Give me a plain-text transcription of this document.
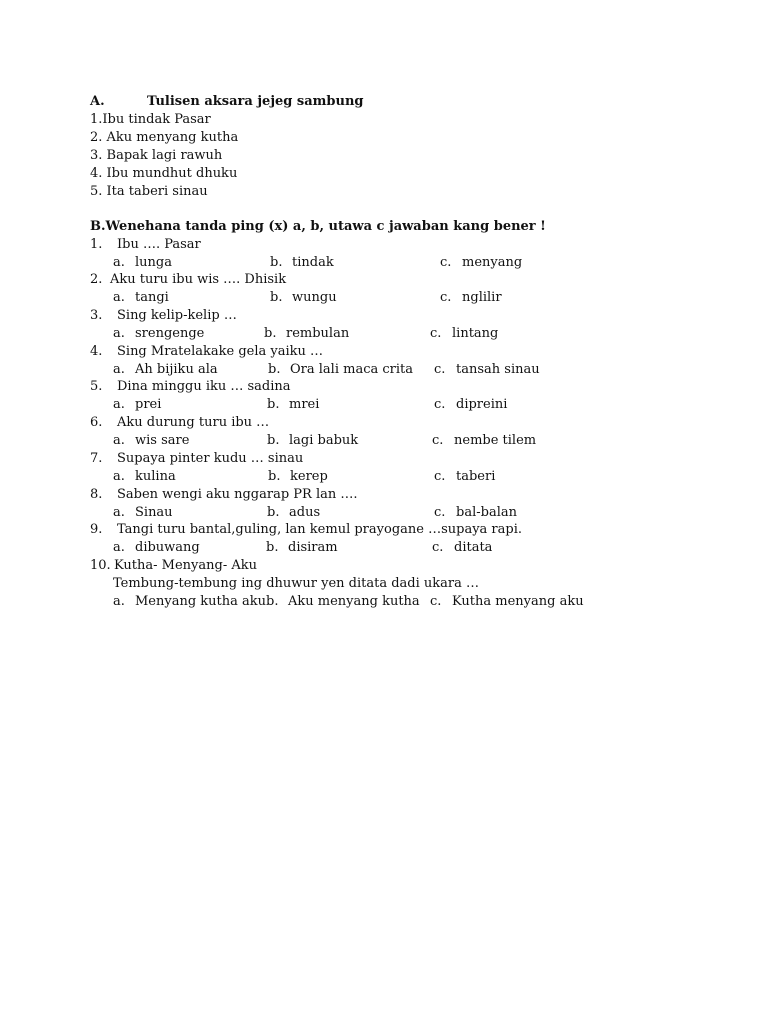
A.	Tulisen aksara jejeg sambung
1.Ibu tindak Pasar
2. Aku menyang kutha
3. Bapak lagi rawuh
4. Ibu mundhut dhuku
5. Ita taberi sinau
B.Wenehana tanda ping (x) a, b, utawa c jawaban kang bener !
1. Ibu …. Pasar
a. lunga	b. tindak	c. menyang
2. Aku turu ibu wis …. Dhisik
a. tangi	b. wungu	c. nglilir
3. Sing kelip-kelip …
a. srengenge	b. rembulan	c. lintang
4. Sing Mratelakake gela yaiku …
a. Ah bijiku ala	b. Ora lali maca crita c. tansah sinau
5. Dina minggu iku … sadina
a. prei	b. mrei	c. dipreini
6. Aku durung turu ibu …
a. wis sare	b. lagi babuk	c. nembe tilem
7. Supaya pinter kudu … sinau
a. kulina	b. kerep	c. taberi
8. Saben wengi aku nggarap PR lan ….
a. Sinau	b. adus	c. bal-balan
9. Tangi turu bantal,guling, lan kemul prayogane …supaya rapi.
a. dibuwang	b. disiram	c. ditata
10. Kutha- Menyang- Aku
Tembung-tembung ing dhuwur yen ditata dadi ukara …
a. Menyang kutha aku b. Aku menyang kutha c. Kutha menyang aku
